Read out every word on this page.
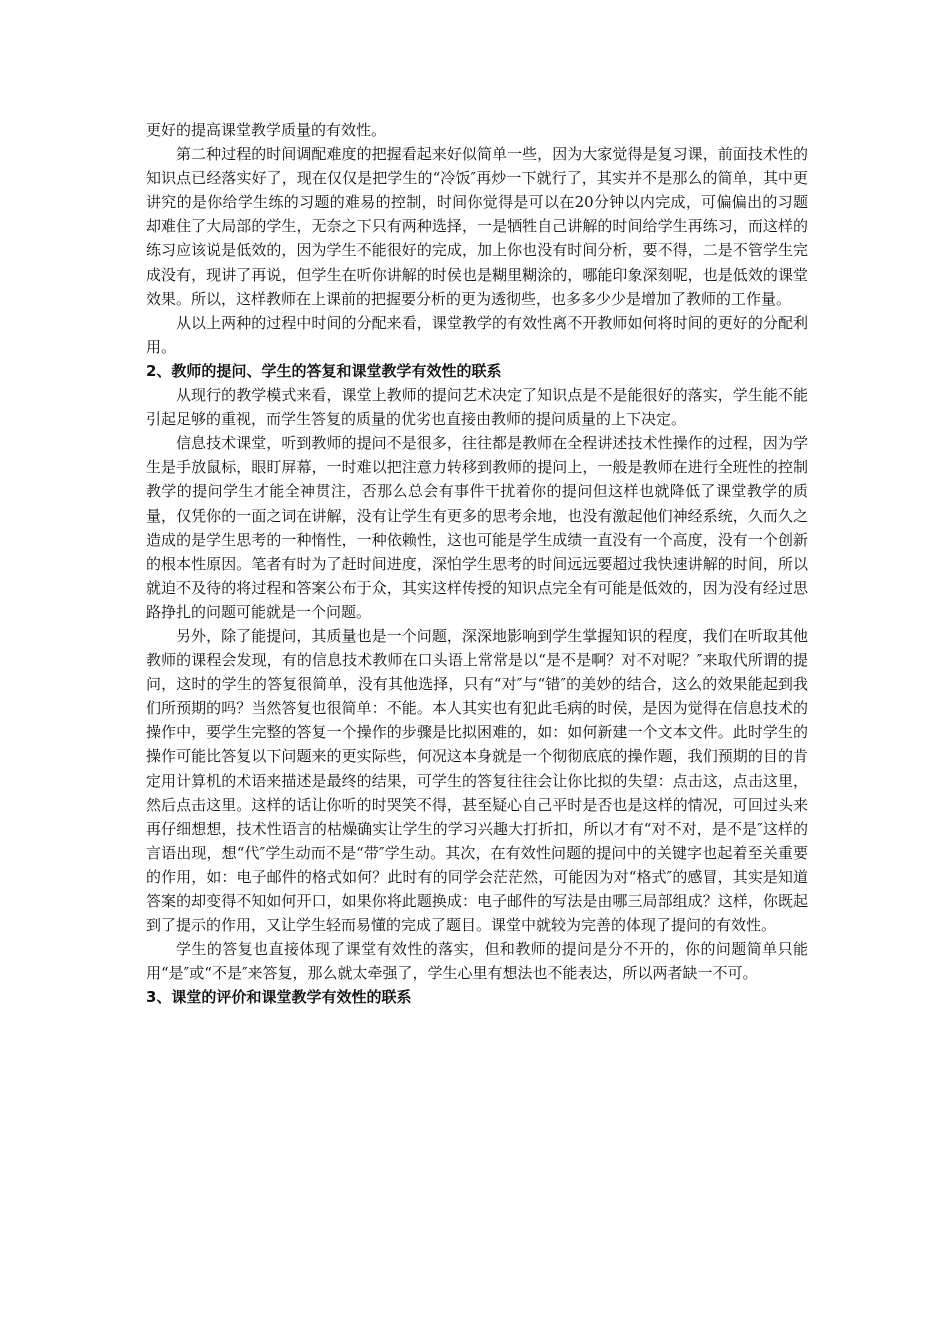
更好的提高课堂教学质量的有效性。

第二种过程的时间调配难度的把握看起来好似简单一些，因为大家觉得是复习课，前面技术性的知识点已经落实好了，现在仅仅是把学生的“冷饭″再炒一下就行了，其实并不是那么的简单，其中更讲究的是你给学生练的习题的难易的控制，时间你觉得是可以在20分钟以内完成，可偏偏出的习题却难住了大局部的学生，无奈之下只有两种选择，一是牺牲自己讲解的时间给学生再练习，而这样的练习应该说是低效的，因为学生不能很好的完成，加上你也没有时间分析，要不得，二是不管学生完成没有，现讲了再说，但学生在听你讲解的时侯也是糊里糊涂的，哪能印象深刻呢，也是低效的课堂效果。所以，这样教师在上课前的把握要分析的更为透彻些，也多多少少是增加了教师的工作量。

从以上两种的过程中时间的分配来看，课堂教学的有效性离不开教师如何将时间的更好的分配利用。

2、教师的提问、学生的答复和课堂教学有效性的联系

从现行的教学模式来看，课堂上教师的提问艺术决定了知识点是不是能很好的落实，学生能不能引起足够的重视，而学生答复的质量的优劣也直接由教师的提问质量的上下决定。

信息技术课堂，听到教师的提问不是很多，往往都是教师在全程讲述技术性操作的过程，因为学生是手放鼠标，眼盯屏幕，一时难以把注意力转移到教师的提问上，一般是教师在进行全班性的控制教学的提问学生才能全神贯注，否那么总会有事件干扰着你的提问但这样也就降低了课堂教学的质量，仅凭你的一面之词在讲解，没有让学生有更多的思考余地，也没有激起他们神经系统，久而久之造成的是学生思考的一种惰性，一种依赖性，这也可能是学生成绩一直没有一个高度，没有一个创新的根本性原因。笔者有时为了赶时间进度，深怕学生思考的时间远远要超过我快速讲解的时间，所以就迫不及待的将过程和答案公布于众，其实这样传授的知识点完全有可能是低效的，因为没有经过思路挣扎的问题可能就是一个问题。

另外，除了能提问，其质量也是一个问题，深深地影响到学生掌握知识的程度，我们在听取其他教师的课程会发现，有的信息技术教师在口头语上常常是以“是不是啊？对不对呢？″来取代所谓的提问，这时的学生的答复很简单，没有其他选择，只有“对″与“错″的美妙的结合，这么的效果能起到我们所预期的吗？当然答复也很简单：不能。本人其实也有犯此毛病的时侯，是因为觉得在信息技术的操作中，要学生完整的答复一个操作的步骤是比拟困难的，如：如何新建一个文本文件。此时学生的操作可能比答复以下问题来的更实际些，何况这本身就是一个彻彻底底的操作题，我们预期的目的肯定用计算机的术语来描述是最终的结果，可学生的答复往往会让你比拟的失望：点击这，点击这里，然后点击这里。这样的话让你听的时哭笑不得，甚至疑心自己平时是否也是这样的情况，可回过头来再仔细想想，技术性语言的枯燥确实让学生的学习兴趣大打折扣，所以才有“对不对，是不是″这样的言语出现，想“代″学生动而不是“带″学生动。其次，在有效性问题的提问中的关键字也起着至关重要的作用，如：电子邮件的格式如何？此时有的同学会茫茫然，可能因为对“格式″的感冒，其实是知道答案的却变得不知如何开口，如果你将此题换成：电子邮件的写法是由哪三局部组成？这样，你既起到了提示的作用，又让学生轻而易懂的完成了题目。课堂中就较为完善的体现了提问的有效性。

学生的答复也直接体现了课堂有效性的落实，但和教师的提问是分不开的，你的问题简单只能用“是″或“不是″来答复，那么就太牵强了，学生心里有想法也不能表达，所以两者缺一不可。

3、课堂的评价和课堂教学有效性的联系
